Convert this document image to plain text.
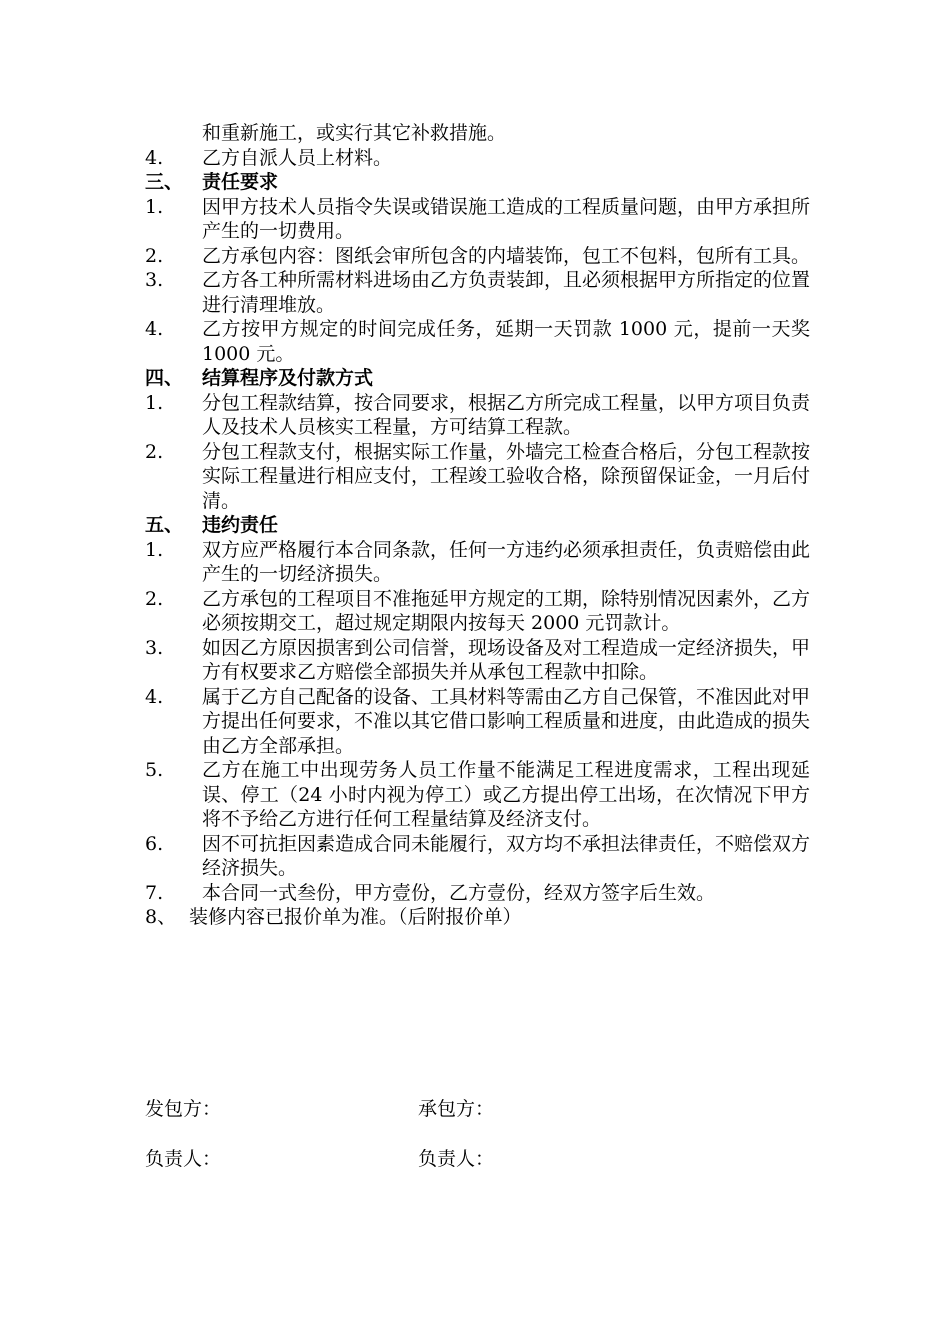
和重新施工，或实行其它补救措施。
4.	乙方自派人员上材料。
三、 责任要求
1.	因甲方技术人员指令失误或错误施工造成的工程质量问题，由甲方承担所产生的一切费用。
2.	乙方承包内容：图纸会审所包含的内墙装饰，包工不包料，包所有工具。
3.	乙方各工种所需材料进场由乙方负责装卸，且必须根据甲方所指定的位置进行清理堆放。
4.	乙方按甲方规定的时间完成任务，延期一天罚款 1000 元，提前一天奖 1000 元。
四、 结算程序及付款方式
1.	分包工程款结算，按合同要求，根据乙方所完成工程量，以甲方项目负责人及技术人员核实工程量，方可结算工程款。
2.	分包工程款支付，根据实际工作量，外墙完工检查合格后，分包工程款按实际工程量进行相应支付，工程竣工验收合格，除预留保证金，一月后付清。
五、 违约责任
1.	双方应严格履行本合同条款，任何一方违约必须承担责任，负责赔偿由此产生的一切经济损失。
2.	乙方承包的工程项目不准拖延甲方规定的工期，除特别情况因素外，乙方必须按期交工，超过规定期限内按每天 2000 元罚款计。
3.	如因乙方原因损害到公司信誉，现场设备及对工程造成一定经济损失，甲方有权要求乙方赔偿全部损失并从承包工程款中扣除。
4.	属于乙方自己配备的设备、工具材料等需由乙方自己保管，不准因此对甲方提出任何要求，不准以其它借口影响工程质量和进度，由此造成的损失由乙方全部承担。
5.	乙方在施工中出现劳务人员工作量不能满足工程进度需求，工程出现延误、停工（24 小时内视为停工）或乙方提出停工出场，在次情况下甲方将不予给乙方进行任何工程量结算及经济支付。
6.	因不可抗拒因素造成合同未能履行，双方均不承担法律责任，不赔偿双方经济损失。
7.	本合同一式叁份，甲方壹份，乙方壹份，经双方签字后生效。
8、 装修内容已报价单为准。（后附报价单）
发包方：	承包方：
负责人：	负责人：
